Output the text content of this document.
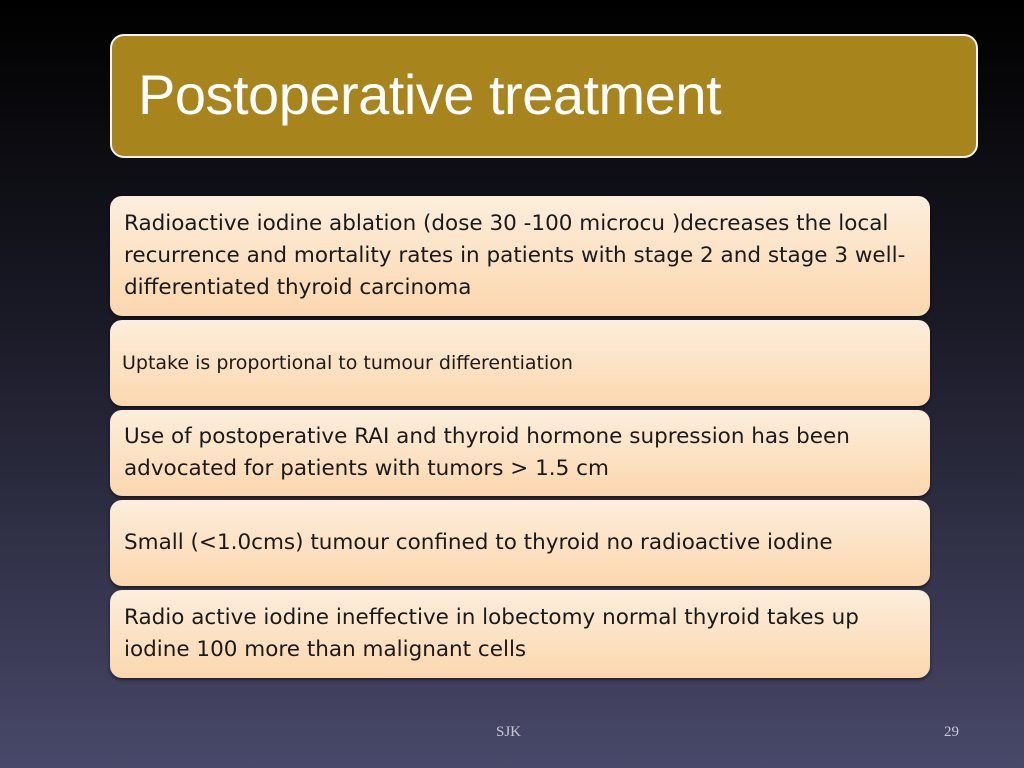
Postoperative treatment
Radioactive iodine ablation (dose 30 -100 microcu )decreases the local recurrence and mortality rates in patients with stage 2 and stage 3 well-differentiated thyroid carcinoma
Uptake is proportional to tumour differentiation
Use of postoperative RAI and thyroid hormone supression has been advocated for patients with tumors > 1.5 cm
Small (<1.0cms) tumour confined to thyroid no radioactive iodine
Radio active iodine ineffective in lobectomy normal thyroid takes up iodine 100 more than malignant cells
SJK	29
